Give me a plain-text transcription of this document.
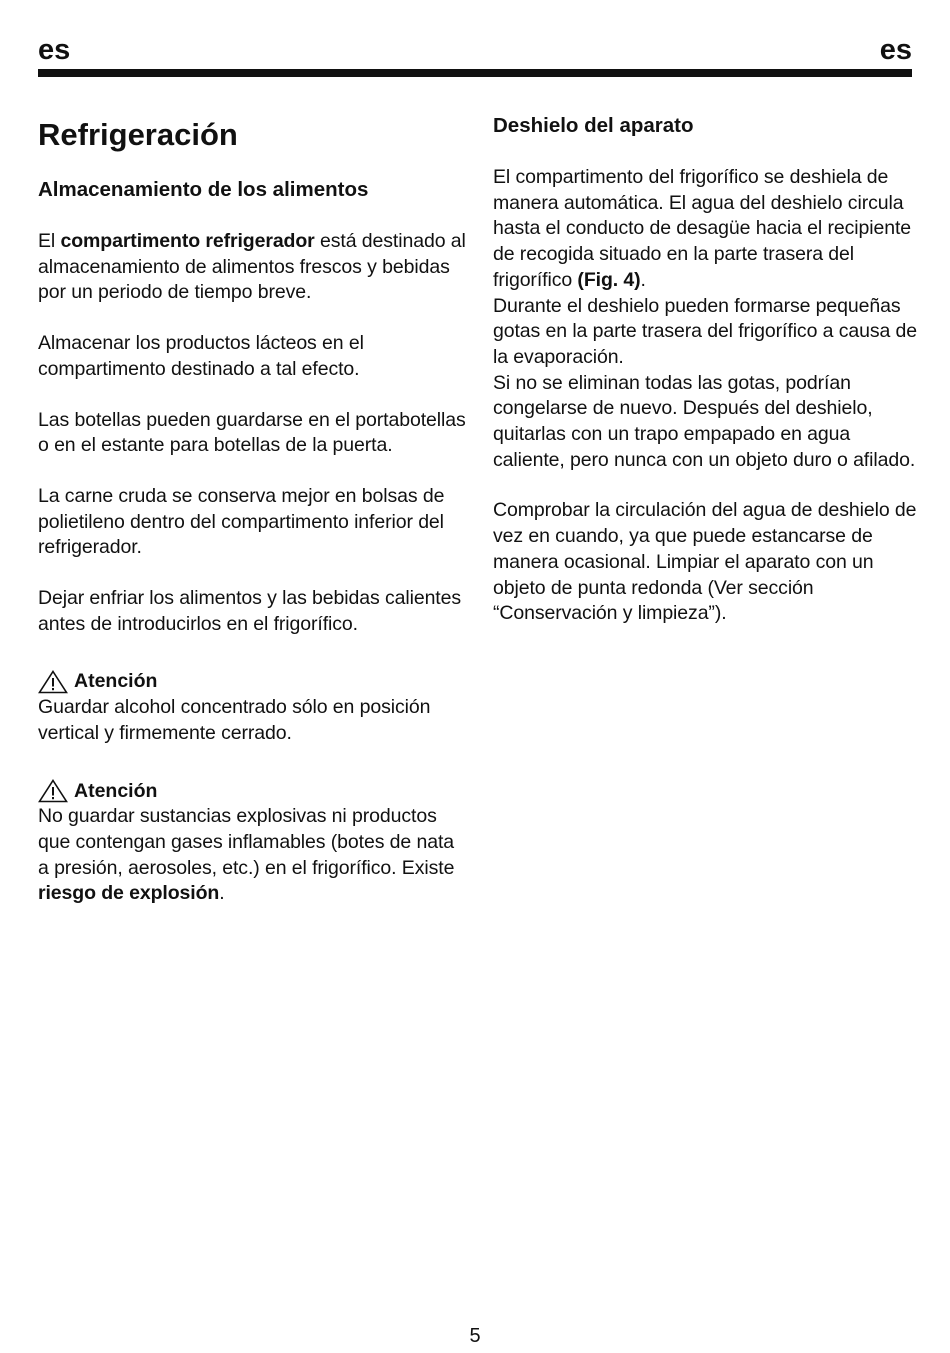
es	es
Refrigeración
Almacenamiento de los alimentos

El compartimento refrigerador está destinado al almacenamiento de alimentos frescos y bebidas por un periodo de tiempo breve.

Almacenar los productos lácteos en el compartimento destinado a tal efecto.

Las botellas pueden guardarse en el portabotellas o en el estante para botellas de la puerta.

La carne cruda se conserva mejor en bolsas de polietileno dentro del compartimento inferior del refrigerador.

Dejar enfriar los alimentos y las bebidas calientes antes de introducirlos en el frigorífico.

Atención

Guardar alcohol concentrado sólo en posición vertical y firmemente cerrado.

Atención

No guardar sustancias explosivas ni productos que contengan gases inflamables (botes de nata a presión, aerosoles, etc.) en el frigorífico. Existe riesgo de explosión.

Deshielo del aparato

El compartimento del frigorífico se deshiela de manera automática. El agua del deshielo circula hasta el conducto de desagüe hacia el recipiente de recogida situado en la parte trasera del frigorífico (Fig. 4).

Durante el deshielo pueden formarse pequeñas gotas en la parte trasera del frigorífico a causa de la evaporación.

Si no se eliminan todas las gotas, podrían congelarse de nuevo. Después del deshielo, quitarlas con un trapo empapado en agua caliente, pero nunca con un objeto duro o afilado.

Comprobar la circulación del agua de deshielo de vez en cuando, ya que puede estancarse de manera ocasional. Limpiar el aparato con un objeto de punta redonda (Ver sección “Conservación y limpieza”).

5
